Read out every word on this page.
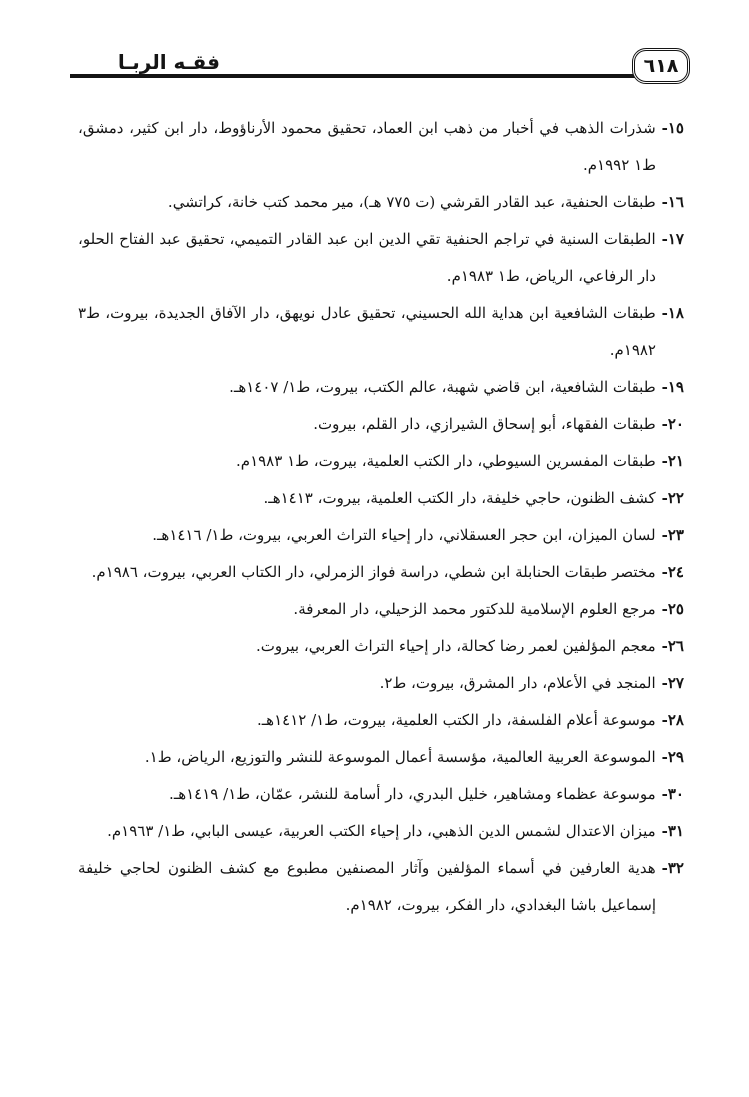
فقـه الربـا	٦١٨
١٥-شذرات الذهب في أخبار من ذهب ابن العماد، تحقيق محمود الأرناؤوط، دار ابن كثير، دمشق، ط١ ١٩٩٢م.
١٦-طبقات الحنفية، عبد القادر القرشي (ت ٧٧٥ هـ)، مير محمد كتب خانة، كراتشي.
١٧-الطبقات السنية في تراجم الحنفية تقي الدين ابن عبد القادر التميمي، تحقيق عبد الفتاح الحلو، دار الرفاعي، الرياض، ط١ ١٩٨٣م.
١٨-طبقات الشافعية ابن هداية الله الحسيني، تحقيق عادل نويهق، دار الآفاق الجديدة، بيروت، ط٣ ١٩٨٢م.
١٩-طبقات الشافعية، ابن قاضي شهبة، عالم الكتب، بيروت، ط١/ ١٤٠٧هـ.
٢٠-طبقات الفقهاء، أبو إسحاق الشيرازي، دار القلم، بيروت.
٢١-طبقات المفسرين السيوطي، دار الكتب العلمية، بيروت، ط١ ١٩٨٣م.
٢٢-كشف الظنون، حاجي خليفة، دار الكتب العلمية، بيروت، ١٤١٣هـ.
٢٣-لسان الميزان، ابن حجر العسقلاني، دار إحياء التراث العربي، بيروت، ط١/ ١٤١٦هـ.
٢٤-مختصر طبقات الحنابلة ابن شطي، دراسة فواز الزمرلي، دار الكتاب العربي، بيروت، ١٩٨٦م.
٢٥-مرجع العلوم الإسلامية للدكتور محمد الزحيلي، دار المعرفة.
٢٦-معجم المؤلفين لعمر رضا كحالة، دار إحياء التراث العربي، بيروت.
٢٧-المنجد في الأعلام، دار المشرق، بيروت، ط٢.
٢٨-موسوعة أعلام الفلسفة، دار الكتب العلمية، بيروت، ط١/ ١٤١٢هـ.
٢٩-الموسوعة العربية العالمية، مؤسسة أعمال الموسوعة للنشر والتوزيع، الرياض، ط١.
٣٠-موسوعة عظماء ومشاهير، خليل البدري، دار أسامة للنشر، عمّان، ط١/ ١٤١٩هـ.
٣١-ميزان الاعتدال لشمس الدين الذهبي، دار إحياء الكتب العربية، عيسى البابي، ط١/ ١٩٦٣م.
٣٢-هدية العارفين في أسماء المؤلفين وآثار المصنفين مطبوع مع كشف الظنون لحاجي خليفة إسماعيل باشا البغدادي، دار الفكر، بيروت، ١٩٨٢م.
